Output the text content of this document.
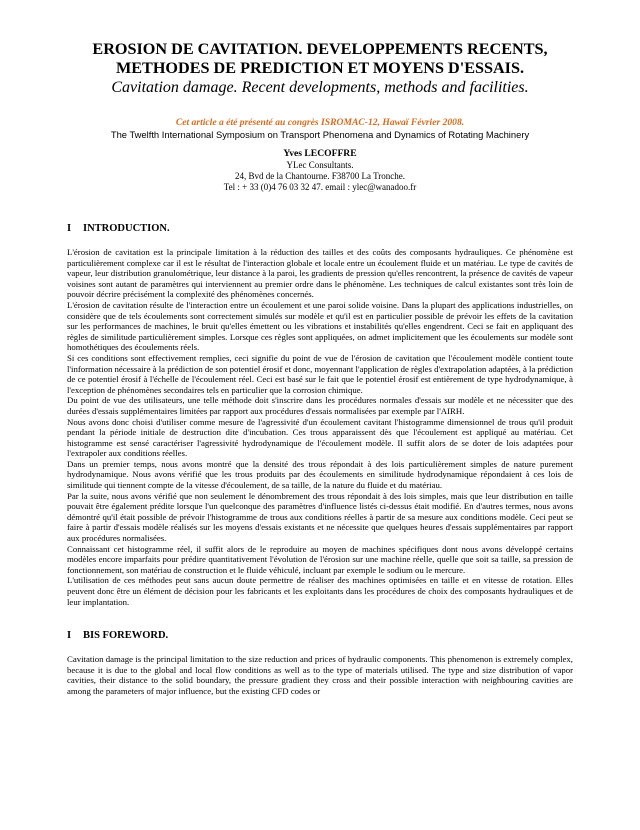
EROSION DE CAVITATION. DEVELOPPEMENTS RECENTS,
METHODES DE PREDICTION ET MOYENS D'ESSAIS.
Cavitation damage. Recent developments, methods and facilities.
Cet article a été présenté au congrès ISROMAC-12, Hawaï Février 2008.
The Twelfth International Symposium on Transport Phenomena and Dynamics of Rotating Machinery
Yves LECOFFRE
YLec Consultants.
24, Bvd de la Chantourne. F38700 La Tronche.
Tel : + 33 (0)4 76 03 32 47. email : ylec@wanadoo.fr
I INTRODUCTION.

L'érosion de cavitation est la principale limitation à la réduction des tailles et des coûts des composants hydrauliques. Ce phénomène est particulièrement complexe car il est le résultat de l'interaction globale et locale entre un écoulement fluide et un matériau. Le type de cavités de vapeur, leur distribution granulométrique, leur distance à la paroi, les gradients de pression qu'elles rencontrent, la présence de cavités de vapeur voisines sont autant de paramètres qui interviennent au premier ordre dans le phénomène. Les techniques de calcul existantes sont très loin de pouvoir décrire précisément la complexité des phénomènes concernés.

L'érosion de cavitation résulte de l'interaction entre un écoulement et une paroi solide voisine. Dans la plupart des applications industrielles, on considère que de tels écoulements sont correctement simulés sur modèle et qu'il est en particulier possible de prévoir les effets de la cavitation sur les performances de machines, le bruit qu'elles émettent ou les vibrations et instabilités qu'elles engendrent. Ceci se fait en appliquant des règles de similitude particulièrement simples. Lorsque ces règles sont appliquées, on admet implicitement que les écoulements sur modèle sont homothétiques des écoulements réels.

Si ces conditions sont effectivement remplies, ceci signifie du point de vue de l'érosion de cavitation que l'écoulement modèle contient toute l'information nécessaire à la prédiction de son potentiel érosif et donc, moyennant l'application de règles d'extrapolation adaptées, à la prédiction de ce potentiel érosif à l'échelle de l'écoulement réel. Ceci est basé sur le fait que le potentiel érosif est entièrement de type hydrodynamique, à l'exception de phénomènes secondaires tels en particulier que la corrosion chimique.

Du point de vue des utilisateurs, une telle méthode doit s'inscrire dans les procédures normales d'essais sur modèle et ne nécessiter que des durées d'essais supplémentaires limitées par rapport aux procédures d'essais normalisées par exemple par l'AIRH.

Nous avons donc choisi d'utiliser comme mesure de l'agressivité d'un écoulement cavitant l'histogramme dimensionnel de trous qu'il produit pendant la période initiale de destruction dite d'incubation. Ces trous apparaissent dès que l'écoulement est appliqué au matériau. Cet histogramme est sensé caractériser l'agressivité hydrodynamique de l'écoulement modèle. Il suffit alors de se doter de lois adaptées pour l'extrapoler aux conditions réelles.

Dans un premier temps, nous avons montré que la densité des trous répondait à des lois particulièrement simples de nature purement hydrodynamique. Nous avons vérifié que les trous produits par des écoulements en similitude hydrodynamique répondaient à ces lois de similitude qui tiennent compte de la vitesse d'écoulement, de sa taille, de la nature du fluide et du matériau.

Par la suite, nous avons vérifié que non seulement le dénombrement des trous répondait à des lois simples, mais que leur distribution en taille pouvait être également prédite lorsque l'un quelconque des paramètres d'influence listés ci-dessus était modifié. En d'autres termes, nous avons démontré qu'il était possible de prévoir l'histogramme de trous aux conditions réelles à partir de sa mesure aux conditions modèle. Ceci peut se faire à partir d'essais modèle réalisés sur les moyens d'essais existants et ne nécessite que quelques heures d'essais supplémentaires par rapport aux procédures normalisées.

Connaissant cet histogramme réel, il suffit alors de le reproduire au moyen de machines spécifiques dont nous avons développé certains modèles encore imparfaits pour prédire quantitativement l'évolution de l'érosion sur une machine réelle, quelle que soit sa taille, sa pression de fonctionnement, son matériau de construction et le fluide véhiculé, incluant par exemple le sodium ou le mercure.

L'utilisation de ces méthodes peut sans aucun doute permettre de réaliser des machines optimisées en taille et en vitesse de rotation. Elles peuvent donc être un élément de décision pour les fabricants et les exploitants dans les procédures de choix des composants hydrauliques et de leur implantation.

I BIS FOREWORD.

Cavitation damage is the principal limitation to the size reduction and prices of hydraulic components. This phenomenon is extremely complex, because it is due to the global and local flow conditions as well as to the type of materials utilised. The type and size distribution of vapor cavities, their distance to the solid boundary, the pressure gradient they cross and their possible interaction with neighbouring cavities are among the parameters of major influence, but the existing CFD codes or
